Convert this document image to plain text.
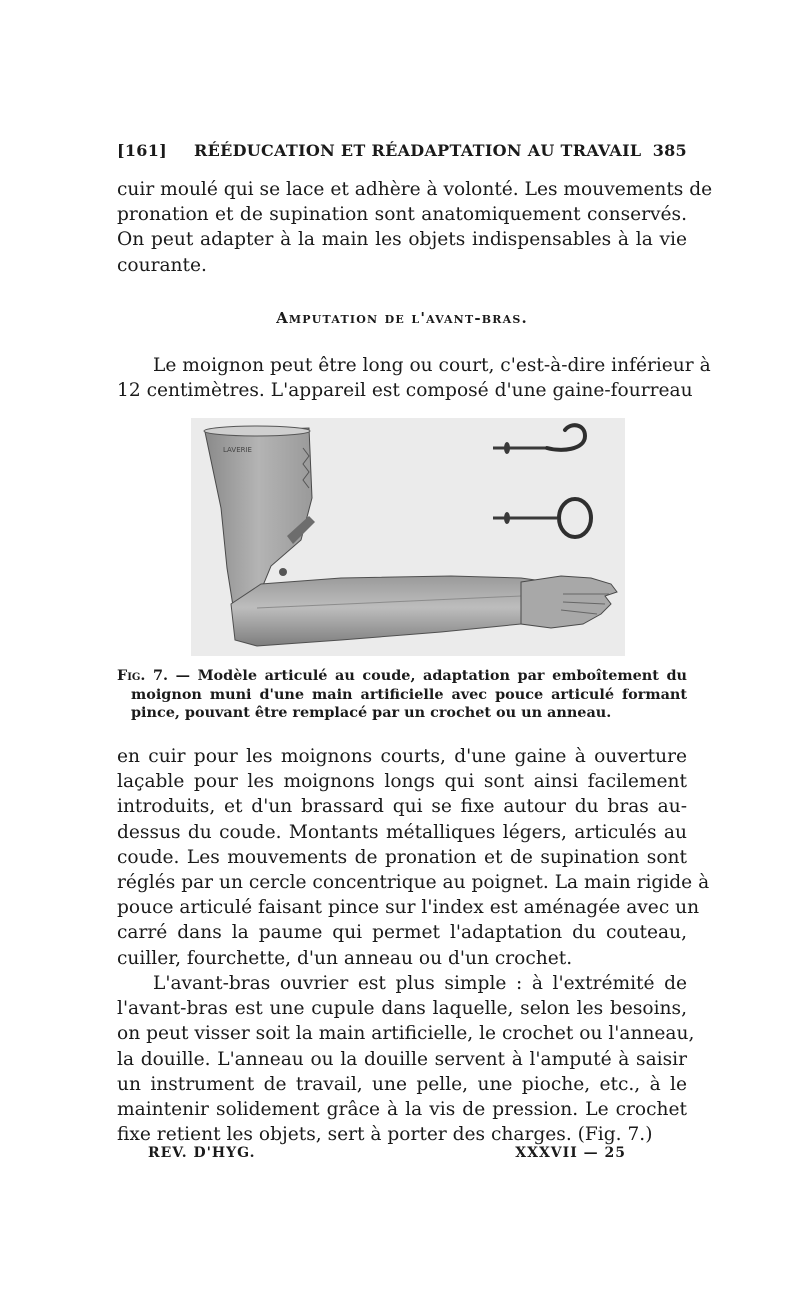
[161] RÉÉDUCATION ET RÉADAPTATION AU TRAVAIL 385

cuir moulé qui se lace et adhère à volonté. Les mouvements de
pronation et de supination sont anatomiquement conservés.
On peut adapter à la main les objets indispensables à la vie
courante.

Amputation de l'avant-bras.

Le moignon peut être long ou court, c'est-à-dire inférieur à
12 centimètres. L'appareil est composé d'une gaine-fourreau

LAVERIE

Fig. 7. — Modèle articulé au coude, adaptation par emboîtement du
moignon muni d'une main artificielle avec pouce articulé formant
pince, pouvant être remplacé par un crochet ou un anneau.

en cuir pour les moignons courts, d'une gaine à ouverture
laçable pour les moignons longs qui sont ainsi facilement
introduits, et d'un brassard qui se fixe autour du bras au-
dessus du coude. Montants métalliques légers, articulés au
coude. Les mouvements de pronation et de supination sont
réglés par un cercle concentrique au poignet. La main rigide à
pouce articulé faisant pince sur l'index est aménagée avec un
carré dans la paume qui permet l'adaptation du couteau,
cuiller, fourchette, d'un anneau ou d'un crochet.

L'avant-bras ouvrier est plus simple : à l'extrémité de
l'avant-bras est une cupule dans laquelle, selon les besoins,
on peut visser soit la main artificielle, le crochet ou l'anneau,
la douille. L'anneau ou la douille servent à l'amputé à saisir
un instrument de travail, une pelle, une pioche, etc., à le
maintenir solidement grâce à la vis de pression. Le crochet
fixe retient les objets, sert à porter des charges. (Fig. 7.)

REV. D'HYG.	XXXVII — 25
